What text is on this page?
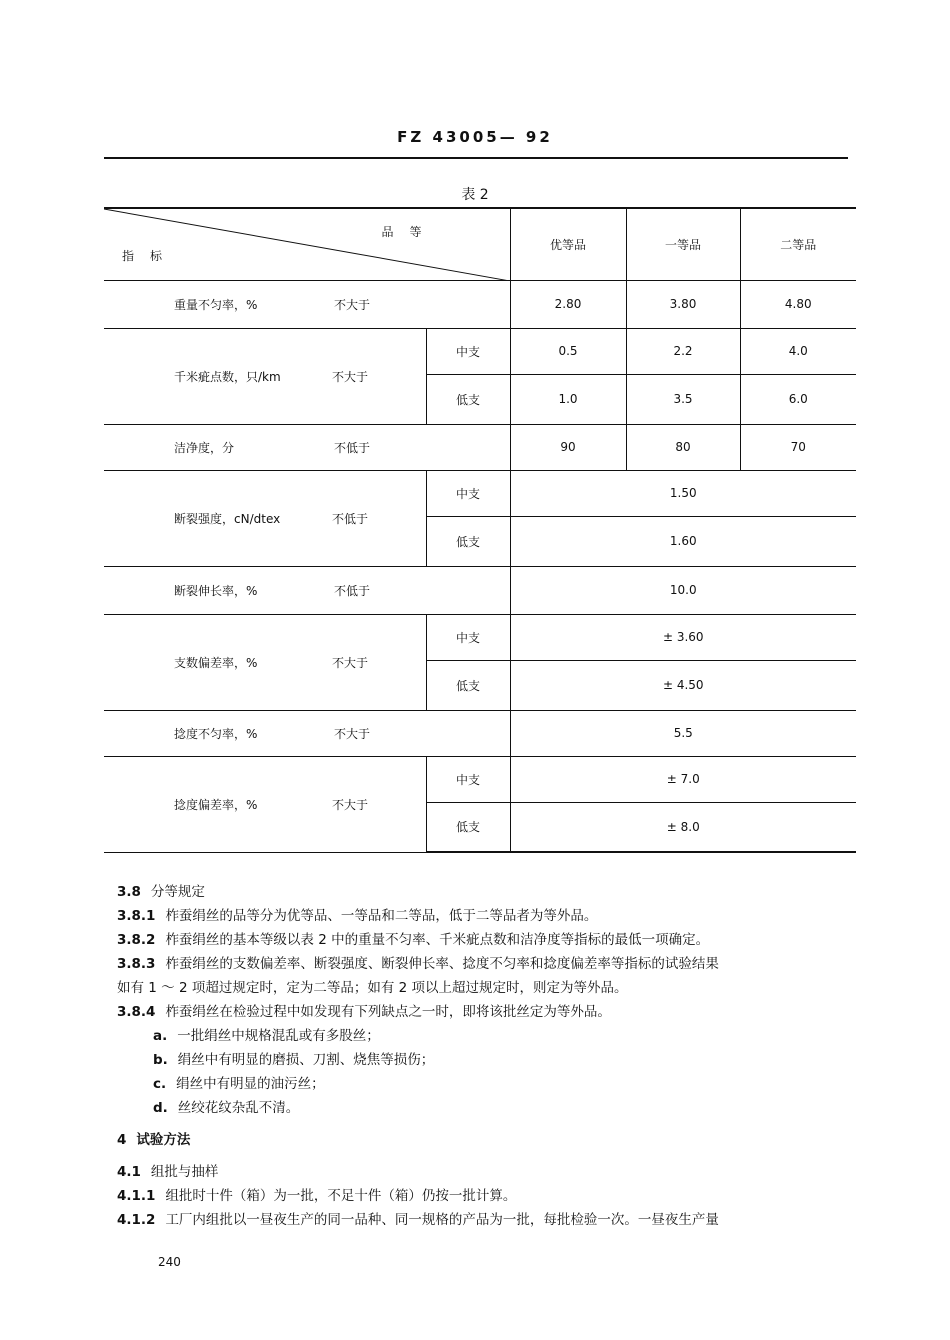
FZ 43005— 92
表 2
品等
指标		优等品	一等品	二等品

重量不匀率，% 不大于		2.80	3.80	4.80

千米疵点数，只/km 不大于	中支	0.5	2.2	4.0
	低支	1.0	3.5	6.0

洁净度，分 不低于		90	80	70

断裂强度，cN/dtex 不低于	中支	1.50		
	低支	1.60		

断裂伸长率，% 不低于		10.0		

支数偏差率，% 不大于	中支	± 3.60		
	低支	± 4.50		

捻度不匀率，% 不大于		5.5		

捻度偏差率，% 不大于	中支	± 7.0		
	低支	± 8.0		

3.8 分等规定

3.8.1 柞蚕绢丝的品等分为优等品、一等品和二等品，低于二等品者为等外品。

3.8.2 柞蚕绢丝的基本等级以表 2 中的重量不匀率、千米疵点数和洁净度等指标的最低一项确定。

3.8.3 柞蚕绢丝的支数偏差率、断裂强度、断裂伸长率、捻度不匀率和捻度偏差率等指标的试验结果

如有 1 ～ 2 项超过规定时，定为二等品；如有 2 项以上超过规定时，则定为等外品。

3.8.4 柞蚕绢丝在检验过程中如发现有下列缺点之一时，即将该批丝定为等外品。

a. 一批绢丝中规格混乱或有多股丝；

b. 绢丝中有明显的磨损、刀割、烧焦等损伤；

c. 绢丝中有明显的油污丝；

d. 丝绞花纹杂乱不清。

4 试验方法

4.1 组批与抽样

4.1.1 组批时十件（箱）为一批，不足十件（箱）仍按一批计算。

4.1.2 工厂内组批以一昼夜生产的同一品种、同一规格的产品为一批，每批检验一次。一昼夜生产量

240
